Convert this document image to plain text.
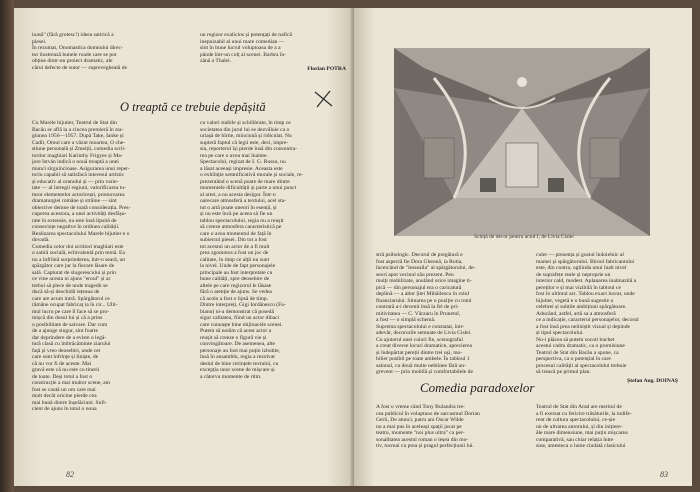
ioasă" (fără grotesc!) ideea satirică a
piesei.
În rezumat, Onomastica domnului direc-
tor ilustrează bunele roade care se pot
obține dintr-un proiect dramatic, ale
cărui defecte de sutor — suprevegheată de
un regizor exalicios și potențați de nafică
inepuizabil al unui mare comedian —
sint în bune lucrul voluptoasa de a a
pânde într-un colț al scenei. Barbra în-
zână a Thalei.
Florian POTRA
O treaptă ce trebuie depășită
Cu Marele bijutier, Teatrul de Stat din
Bacău se află la a cincea premieră în sta-
giunea 1956—1957. După Take, Ianke și
Cadîr, Omul care a văzut moartea, O che-
stiune personală și Zmeiții, comedia scrii-
torilor maghiari Karinthy Frigyes și Ma-
jore István indică o nouă treaptă a unei
munci sîrguincioase. Asigurarea unui reper-
toriu capabil să satisfacă interesul artistic
și educativ al oranului și — prin varie-
tate — al întregii regiuni, valorificarea tu-
turor elementelor actoricești, promovarea
dramaturgiei române și străine — sint
obiective demne de toată considerația. Pres-
cuperea acestora, a unei activități desfășu-
rate în extensie, nu este însă lipsită de
consecințe negative în ordinea calității.
Realizarea spectacolului Marele bijutier e o
dovadă.
Comedia celor doi scriitori maghiari este
o satiră socială, echivalentă prin temă. Ea
nu a înfrîntă surprinderea, într-o seară, un
spărgător care jur la fiecare lăsare de
sală. Capturat de slugerescului și prin
ce vine acesta ni ajuns "eroul" și ar
trebui să plece de unde tragedii se
ducă să-și deschidă rețeaua de
care are acum intră. Spărgătorul ce
rămâne ocupat fabricaț ia în cir... Ulti-
mul lucru pe care îl face să se pro-
mișcă din dosul lui și că a prins
o posibilitate de salvare. Dar cum
de a ajunge singur, sint foarte
dar deprindere de a eviste o legă-
tură clasă cu îmbrăcăminte ziarului
față și vreo deosebiri, unde cei
care sunt înfrințe și liniște, de
că nu vor fi de aceste. Mai
gravă este că nu este cu tinerii
de toate. Deși totul a fost o
construcție a mai multor scene, am
fost se caută un om care mai
mult decât oricine pierde cea
mai bună dintre înșelăciuni. Sufi-
cient de ajuns în totul o noua
cu valori stabile și schilibrate, în timp ce
societatea din jurul lui se dezvăluie ca o
uriașă de hîrtie, minciună și ridiculat. Nu
supieră faptul că legii este, deci, impre-
sia, reporterul își pierde însă din concentra-
rea pe care o avea mai înainte.
Spectacolul, regizat de I. G. Russu, nu
a lăsat aceeași impresie. Aceasta este
o exhibiție semnificativă morale și sociale, re-
prezentând o scenă poate de mare dintre
momentele dificultății și parte a unui punct
al artei, a nu acesta desigur. Într-o
oarecare atmosferă a textului, acel sta-
tut o artă poate uneori în esență, și
și nu este încă pe aceea să fie un
tablou spectacolului, regia nu a reușit
să creeze atmosfera caracteristică pe
care o avea momentul de față în
subiectul piesei. Din tot a fost
tot acestui un actor de a fi mult
prea zgomotos a fost un joc de
calitate, în timp ce alții nu sunt
la nivel. Unde de fapt personajele
principale au fost interpretate cu
bune calități, spre deosebire de
altele pe care regizorul le lăsase
fără o atenție de ajuns. Se vedea
că acolo a fost o lipsă de timp.
Dintre interpreți, Gigi Iordănescu (Fa-
bianu) ni-a demonstrat că posedă
sigur calitatea, fiind un actor dibaci
care cunoaște bine mijloacele scenei.
Putem să notăm că acest actor a
reușit să creeze o figură vie și
convingătoare. De asemenea, alte
personaje au fost mai puțin izbutite,
însă în ansamblu, regia a rezolvat
destul de bine cerințele textului, cu
excepția unor scene de mișcare și
a câtorva momente de ritm.
82
Schiță de decor pentru actul I, de Livia Cislei
stră psihologic. Decorul de pregătură e
fost aspectă fie Dora Gheonă, ia Rotia,
încercând de "lesseaila" al spărgătorului, de-
seori apot vecinul său prezent. Peu
mulți mobilizate, anulând orice imagine ti-
pică — din personajul era o caricatură
deplină — a altor Ștei Mihăilescu în rolul
financiarului. Situarea pe o poziție cu totul
contrară a-i devenit însă la fel de pri-
mitivitatea — C. Vărzaru în Prunetul,
a fost — o simplă schemă.
Suprema spectacolului e constatat, într-
adevăr, decorurile semnate de Livia Cislei.
Cu ajutorul unei culori fie, scenograful
a creat diverse locuri dramatice, aprecierea
și îndepărtat pereții dintre trei uși, mo-
bilier posibil pe toate ambele. În tabloul 1
salonul, cu două multe neblinee fără un-
grevent — prin mobilă și comfortabilele de
culer — prezența și gustul îndoielnic al
mamei și spărgătorului. Biroul fabricantului
este, din contra, ogliinda unui înalt nivel
de suprafețe reale și neproprie un
interior cald, modest. Aplanarea inalmazită a
pereților e și mai vizibilă în tabloul ce
fost în ultimul act. Tablou exact lucrat, unde
bijutier, vegetă e o bună sugestie a
celebrei și subtile ambițiuni spărgătoare.
Aducând, astfel, artă sa a atmosferă
ce a indicație, caracterul personajelor, decorul
a fost însă prea neliniștit vizual și depinde
și tipul spectacolului.
Nu-i plăcea să putem socoti buchet
acestui cadru dramatic, ca o promisiune
Teatrul de Stat din Bacău a spune, ca
perspectiva, ca o potențial în care
procesul calității al spectacolului trebuie
să treacă pe primul plan.
Ștefan Aug. DOINAȘ
Comedia paradoxelor
A fost o vreme când Tony Bulandra tre-
cea publicul în voluptuos de sarcasmul Dorian
Gerii, De atunci, patru ani Oscar Wilde
nu a mai pus în aceleași spații jucat pe
teatru, momente "noi plus ultra" ca per-
sonalitatea acestui roman o ieșea din mo-
tiv, tocmai cu prea și pragul perfecțiunii lui.
Teatrul de Stat din Arad are meritul de
a fi exersat cu fericire trăsăturile, la indife-
rent de cultura spectacolului, ce-șie
un de ultrarea autorului, și din inițiere-
ăle mare dimensiune, mai puțin mișcarea
comparativă, sau chiar relația între
sine, amesteca o lume ciudată clasicului
83
